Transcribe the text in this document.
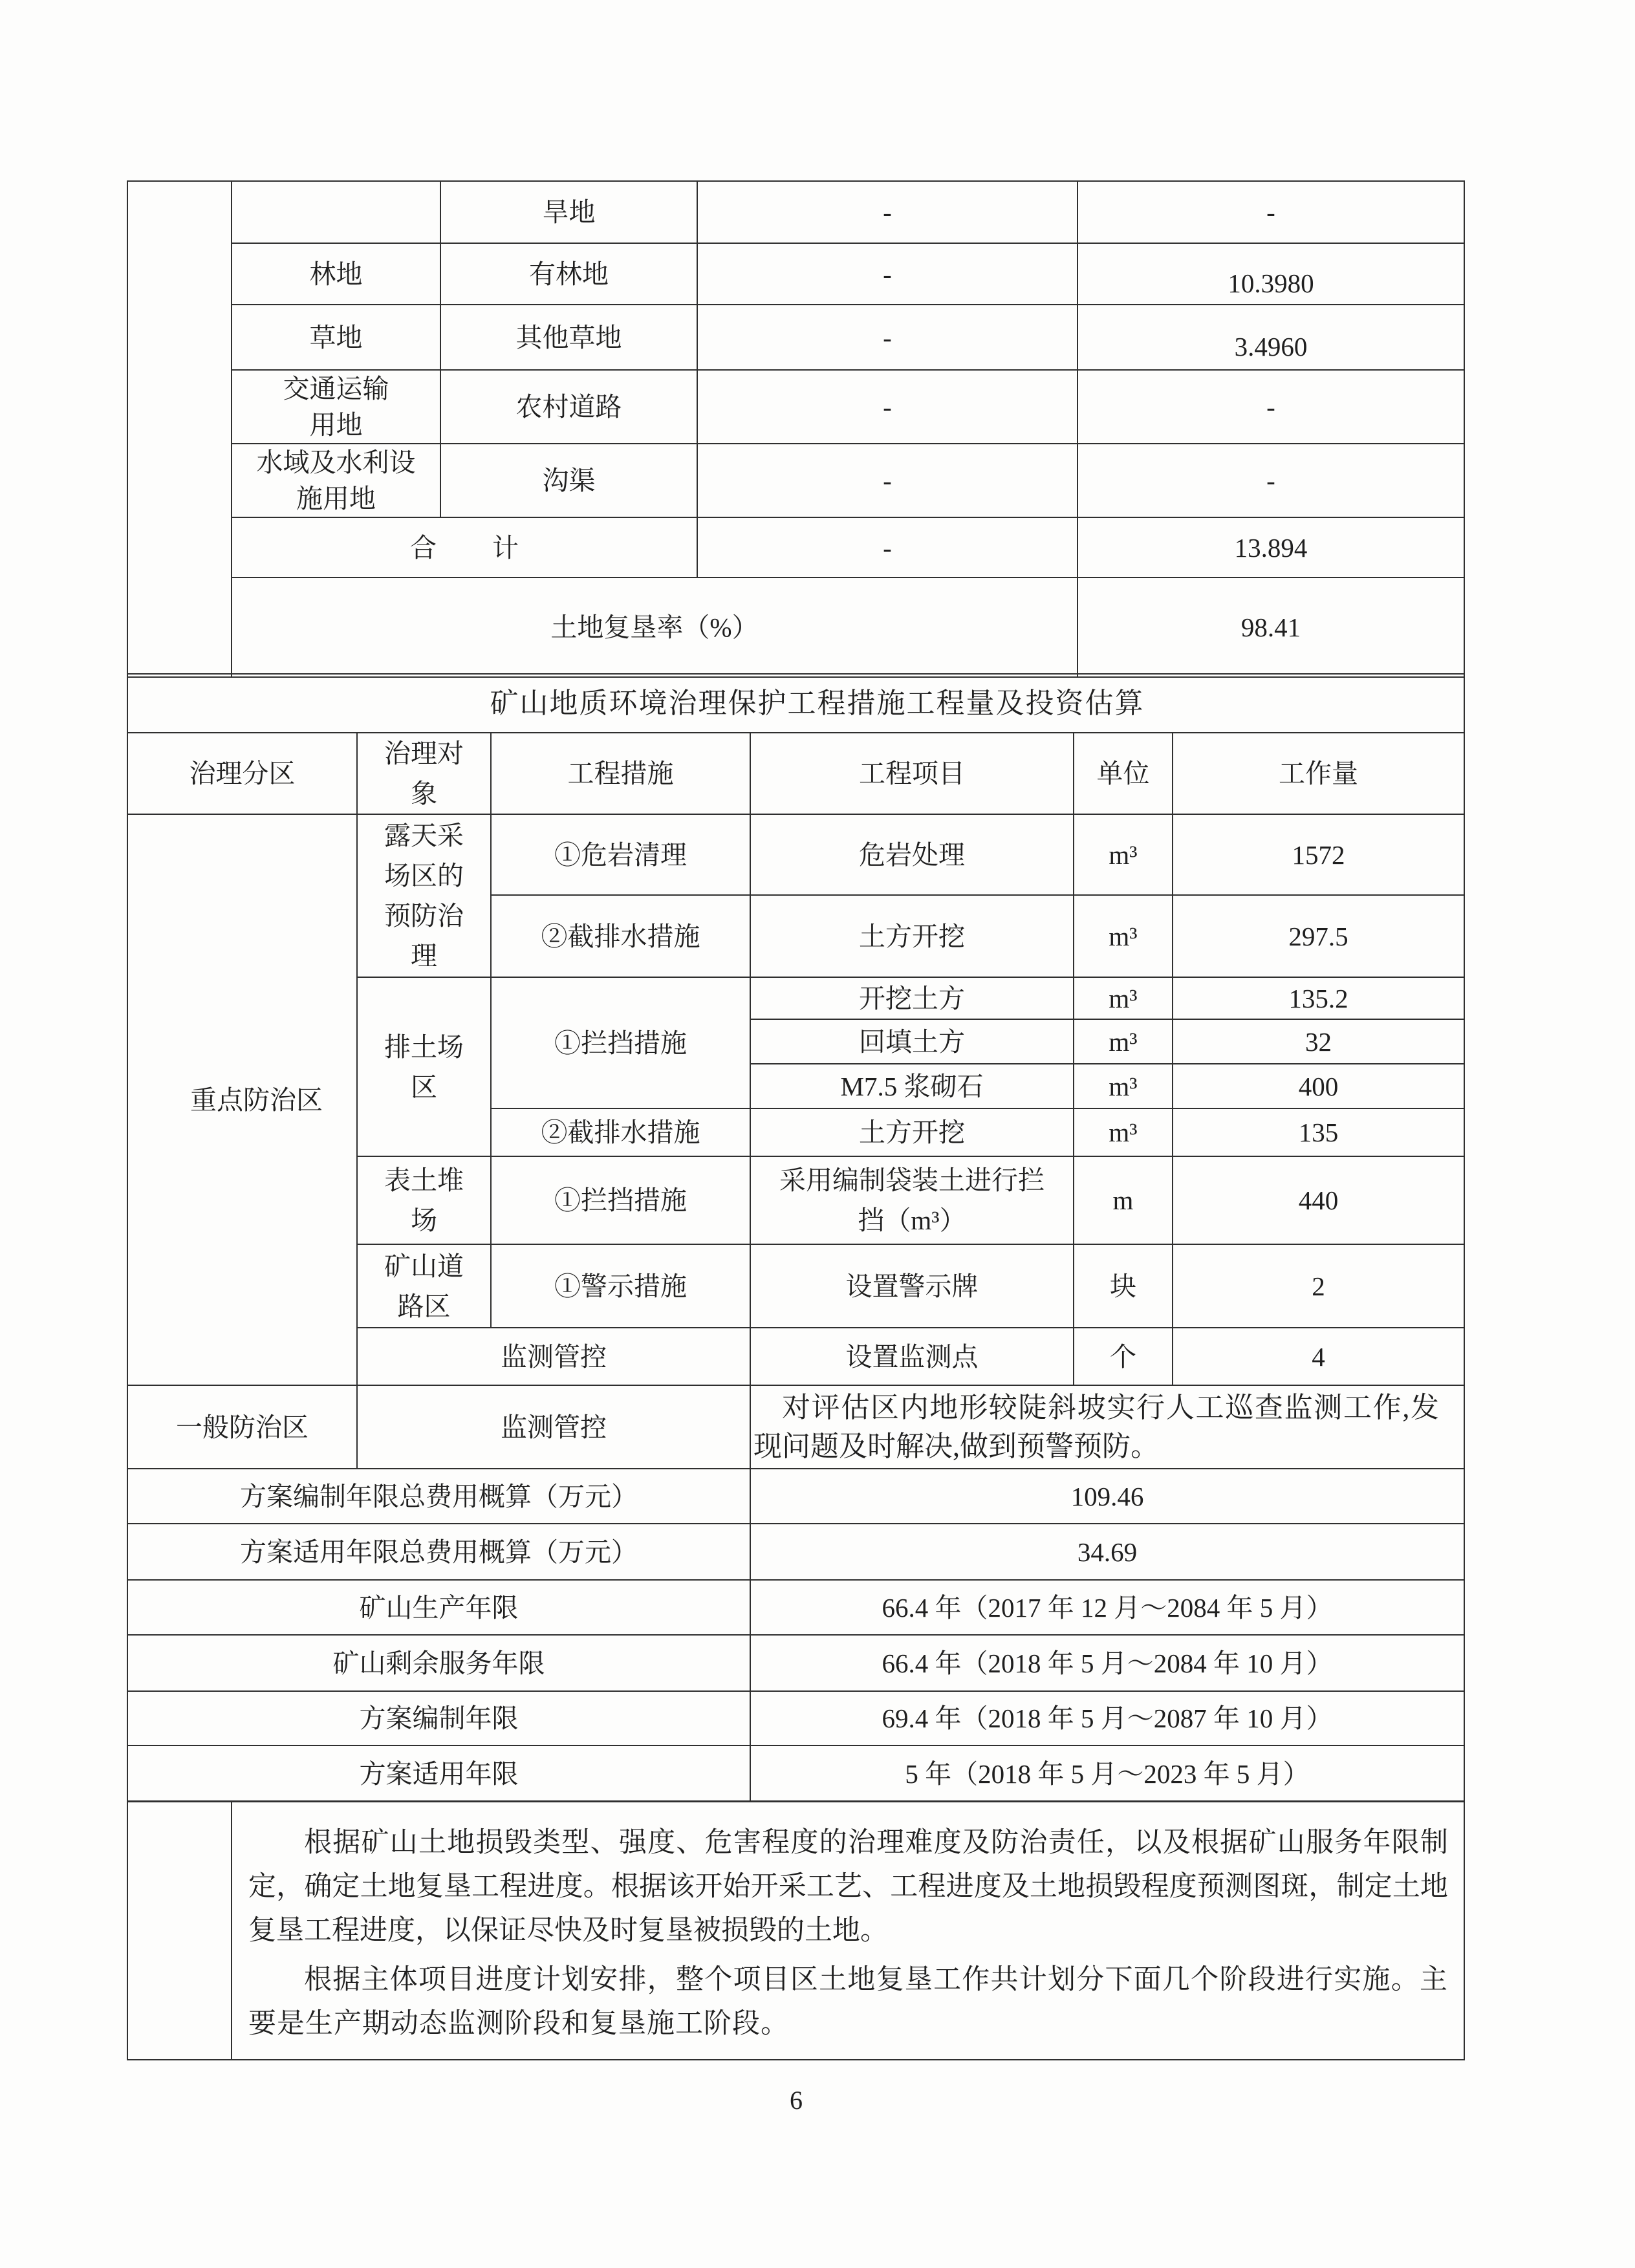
		旱地	-	-
	林地	有林地	-	10.3980
	草地	其他草地	-	3.4960
	交通运输用地	农村道路	-	-
	水域及水利设施用地	沟渠	-	-
	合 计		-	13.894
	土地复垦率（%）			98.41
矿山地质环境治理保护工程措施工程量及投资估算					
治理分区	治理对象	工程措施	工程项目	单位	工作量
重点防治区	露天采场区的预防治理	①危岩清理	危岩处理	m³	1572
		②截排水措施	土方开挖	m³	297.5
	排土场区	①拦挡措施	开挖土方	m³	135.2
			回填土方	m³	32
			M7.5 浆砌石	m³	400
		②截排水措施	土方开挖	m³	135
	表土堆场	①拦挡措施	采用编制袋装土进行拦挡（m³）	m	440
	矿山道路区	①警示措施	设置警示牌	块	2
	监测管控		设置监测点	个	4
一般防治区	监测管控		对评估区内地形较陡斜坡实行人工巡查监测工作,发现问题及时解决,做到预警预防。		
方案编制年限总费用概算（万元）			109.46		
方案适用年限总费用概算（万元）			34.69		
矿山生产年限			66.4 年（2017 年 12 月～2084 年 5 月）		
矿山剩余服务年限			66.4 年（2018 年 5 月～2084 年 10 月）		
方案编制年限			69.4 年（2018 年 5 月～2087 年 10 月）		
方案适用年限			5 年（2018 年 5 月～2023 年 5 月）		

根据矿山土地损毁类型、强度、危害程度的治理难度及防治责任，以及根据矿山服务年限制定，确定土地复垦工程进度。根据该开始开采工艺、工程进度及土地损毁程度预测图斑，制定土地复垦工程进度，以保证尽快及时复垦被损毁的土地。

根据主体项目进度计划安排，整个项目区土地复垦工作共计划分下面几个阶段进行实施。主要是生产期动态监测阶段和复垦施工阶段。

6
